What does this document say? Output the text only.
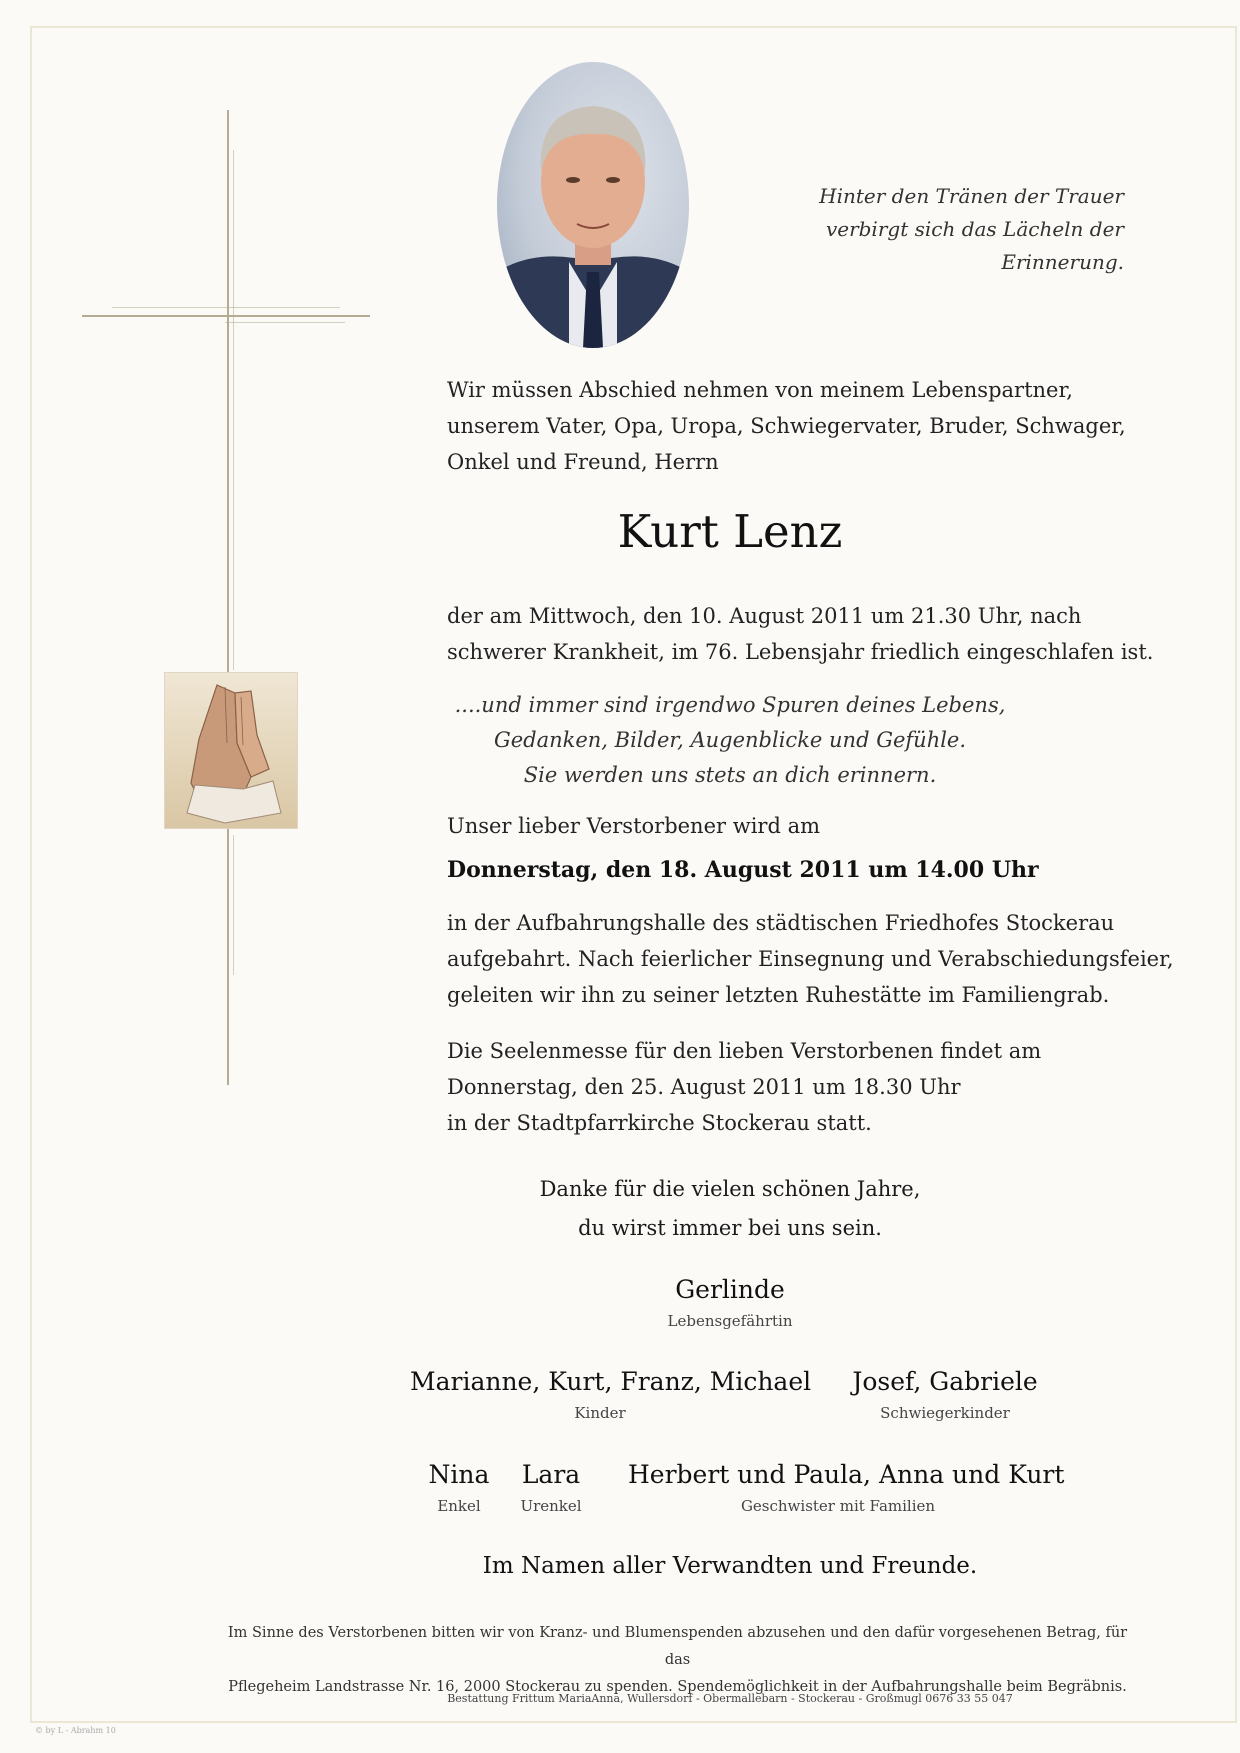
Hinter den Tränen der Trauer
verbirgt sich das Lächeln der Erinnerung.
Wir müssen Abschied nehmen von meinem Lebenspartner,
unserem Vater, Opa, Uropa, Schwiegervater, Bruder, Schwager,
Onkel und Freund, Herrn
Kurt Lenz
der am Mittwoch, den 10. August 2011 um 21.30 Uhr, nach
schwerer Krankheit, im 76. Lebensjahr friedlich eingeschlafen ist.
....und immer sind irgendwo Spuren deines Lebens,
Gedanken, Bilder, Augenblicke und Gefühle.
Sie werden uns stets an dich erinnern.
Unser lieber Verstorbener wird am
Donnerstag, den 18. August 2011 um 14.00 Uhr
in der Aufbahrungshalle des städtischen Friedhofes Stockerau
aufgebahrt. Nach feierlicher Einsegnung und Verabschiedungsfeier,
geleiten wir ihn zu seiner letzten Ruhestätte im Familiengrab.
Die Seelenmesse für den lieben Verstorbenen findet am
Donnerstag, den 25. August 2011 um 18.30 Uhr
in der Stadtpfarrkirche Stockerau statt.
Danke für die vielen schönen Jahre,
du wirst immer bei uns sein.
Gerlinde
Lebensgefährtin
Marianne, Kurt, Franz, Michael
Kinder
Josef, Gabriele
Schwiegerkinder
Nina
Enkel
Lara
Urenkel
Herbert und Paula, Anna und Kurt
Geschwister mit Familien
Im Namen aller Verwandten und Freunde.
Im Sinne des Verstorbenen bitten wir von Kranz- und Blumenspenden abzusehen und den dafür vorgesehenen Betrag, für das
Pflegeheim Landstrasse Nr. 16, 2000 Stockerau zu spenden. Spendemöglichkeit in der Aufbahrungshalle beim Begräbnis.
Bestattung Frittum MariaAnna, Wullersdorf - Obermallebarn - Stockerau - Großmugl 0676 33 55 047
© by L - Abrahm 10
